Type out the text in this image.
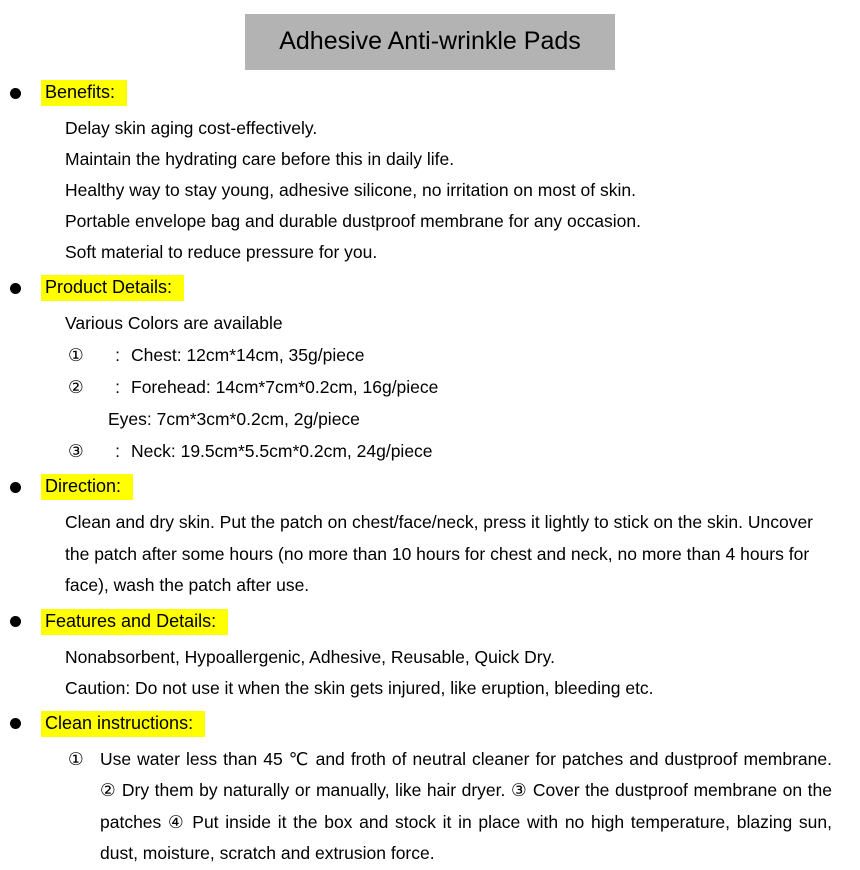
Adhesive Anti-wrinkle Pads
Benefits:
Delay skin aging cost-effectively.
Maintain the hydrating care before this in daily life.
Healthy way to stay young, adhesive silicone, no irritation on most of skin.
Portable envelope bag and durable dustproof membrane for any occasion.
Soft material to reduce pressure for you.
Product Details:
Various Colors are available
①	: Chest: 12cm*14cm, 35g/piece
②	: Forehead: 14cm*7cm*0.2cm, 16g/piece
Eyes: 7cm*3cm*0.2cm, 2g/piece
③	: Neck: 19.5cm*5.5cm*0.2cm, 24g/piece
Direction:
Clean and dry skin. Put the patch on chest/face/neck, press it lightly to stick on the skin. Uncover the patch after some hours (no more than 10 hours for chest and neck, no more than 4 hours for face), wash the patch after use.
Features and Details:
Nonabsorbent, Hypoallergenic, Adhesive, Reusable, Quick Dry.
Caution: Do not use it when the skin gets injured, like eruption, bleeding etc.
Clean instructions:
① Use water less than 45 ℃ and froth of neutral cleaner for patches and dustproof membrane. ② Dry them by naturally or manually, like hair dryer. ③ Cover the dustproof membrane on the patches ④ Put inside it the box and stock it in place with no high temperature, blazing sun, dust, moisture, scratch and extrusion force.
